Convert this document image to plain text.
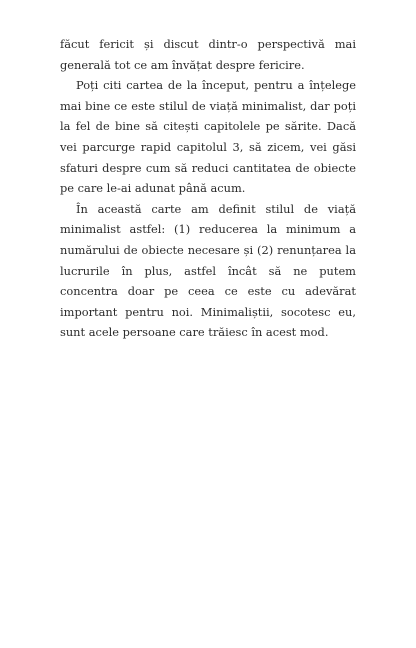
făcut fericit și discut dintr-o perspectivă mai generală tot ce am învățat despre fericire.

Poți citi cartea de la început, pentru a înțelege mai bine ce este stilul de viață minimalist, dar poți la fel de bine să citești capitolele pe sărite. Dacă vei parcurge rapid capitolul 3, să zicem, vei găsi sfaturi despre cum să reduci cantitatea de obiecte pe care le-ai adunat până acum.

În această carte am definit stilul de viață minimalist astfel: (1) reducerea la minimum a numărului de obiecte necesare și (2) renunțarea la lucrurile în plus, astfel încât să ne putem concentra doar pe ceea ce este cu adevărat important pentru noi. Minimaliștii, socotesc eu, sunt acele persoane care trăiesc în acest mod.
